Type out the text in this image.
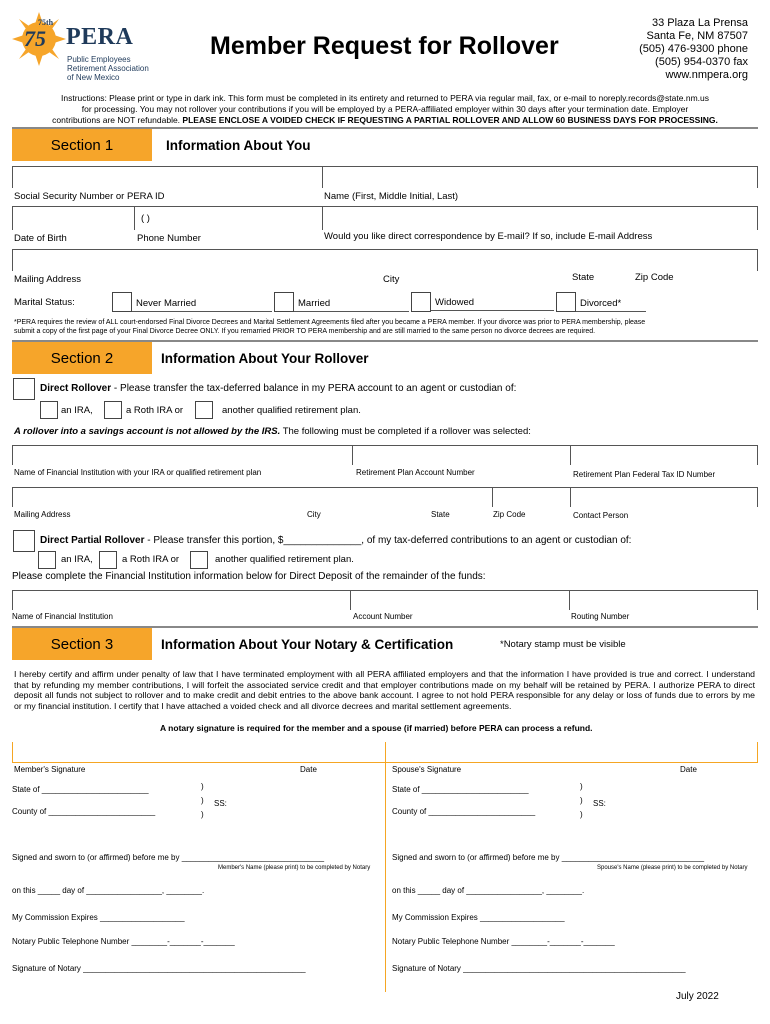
75
75th
PERA
Public Employees
Retirement Association
of New Mexico
Member Request for Rollover
33 Plaza La Prensa
Santa Fe, NM 87507
(505) 476-9300 phone
(505) 954-0370 fax
www.nmpera.org
Instructions: Please print or type in dark ink. This form must be completed in its entirety and returned to PERA via regular mail, fax, or e-mail to noreply.records@state.nm.us
for processing. You may not rollover your contributions if you will be employed by a PERA-affiliated employer within 30 days after your termination date. Employer
contributions are NOT refundable. PLEASE ENCLOSE A VOIDED CHECK IF REQUESTING A PARTIAL ROLLOVER AND ALLOW 60 BUSINESS DAYS FOR PROCESSING.
Section 1	Information About You
Social Security Number or PERA ID	Name (First, Middle Initial, Last)
( )
Date of Birth	Phone Number	Would you like direct correspondence by E-mail? If so, include E-mail Address
Mailing Address	City	State	Zip Code
Marital Status:	Never Married	Married	Widowed	Divorced*
*PERA requires the review of ALL court-endorsed Final Divorce Decrees and Marital Settlement Agreements filed after you became a PERA member. If your divorce was prior to PERA membership, please
submit a copy of the first page of your Final Divorce Decree ONLY. If you remarried PRIOR TO PERA membership and are still married to the same person no divorce decrees are required.
Section 2	Information About Your Rollover
Direct Rollover - Please transfer the tax-deferred balance in my PERA account to an agent or custodian of:
an IRA,	a Roth IRA or	another qualified retirement plan.
A rollover into a savings account is not allowed by the IRS. The following must be completed if a rollover was selected:
Name of Financial Institution with your IRA or qualified retirement plan	Retirement Plan Account Number	Retirement Plan Federal Tax ID Number
Mailing Address	City	State	Zip Code	Contact Person
Direct Partial Rollover - Please transfer this portion, $______________, of my tax-deferred contributions to an agent or custodian of:
an IRA,	a Roth IRA or	another qualified retirement plan.
Please complete the Financial Institution information below for Direct Deposit of the remainder of the funds:
Name of Financial Institution	Account Number	Routing Number
Section 3	Information About Your Notary & Certification	*Notary stamp must be visible
I hereby certify and affirm under penalty of law that I have terminated employment with all PERA affiliated employers and that the information I have provided is true and correct. I understand that by refunding my member contributions, I will forfeit the associated service credit and that employer contributions made on my behalf will be retained by PERA. I authorize PERA to direct deposit all funds not subject to rollover and to make credit and debit entries to the above bank account. I agree to not hold PERA responsible for any delay or loss of funds due to errors by me or my financial institution. I certify that I have attached a voided check and all divorce decrees and marital settlement agreements.
A notary signature is required for the member and a spouse (if married) before PERA can process a refund.
Member's Signature	Date
State of ________________________
County of ________________________
)
)
)
SS:
Signed and sworn to (or affirmed) before me by ________________________________
Member's Name (please print) to be completed by Notary
on this _____ day of _________________, ________.
My Commission Expires ___________________
Notary Public Telephone Number ________-_______-_______
Signature of Notary __________________________________________________
Spouse's Signature	Date
State of ________________________
County of ________________________
)
)
)
SS:
Signed and sworn to (or affirmed) before me by ________________________________
Spouse's Name (please print) to be completed by Notary
on this _____ day of _________________, ________.
My Commission Expires ___________________
Notary Public Telephone Number ________-_______-_______
Signature of Notary __________________________________________________
July 2022
